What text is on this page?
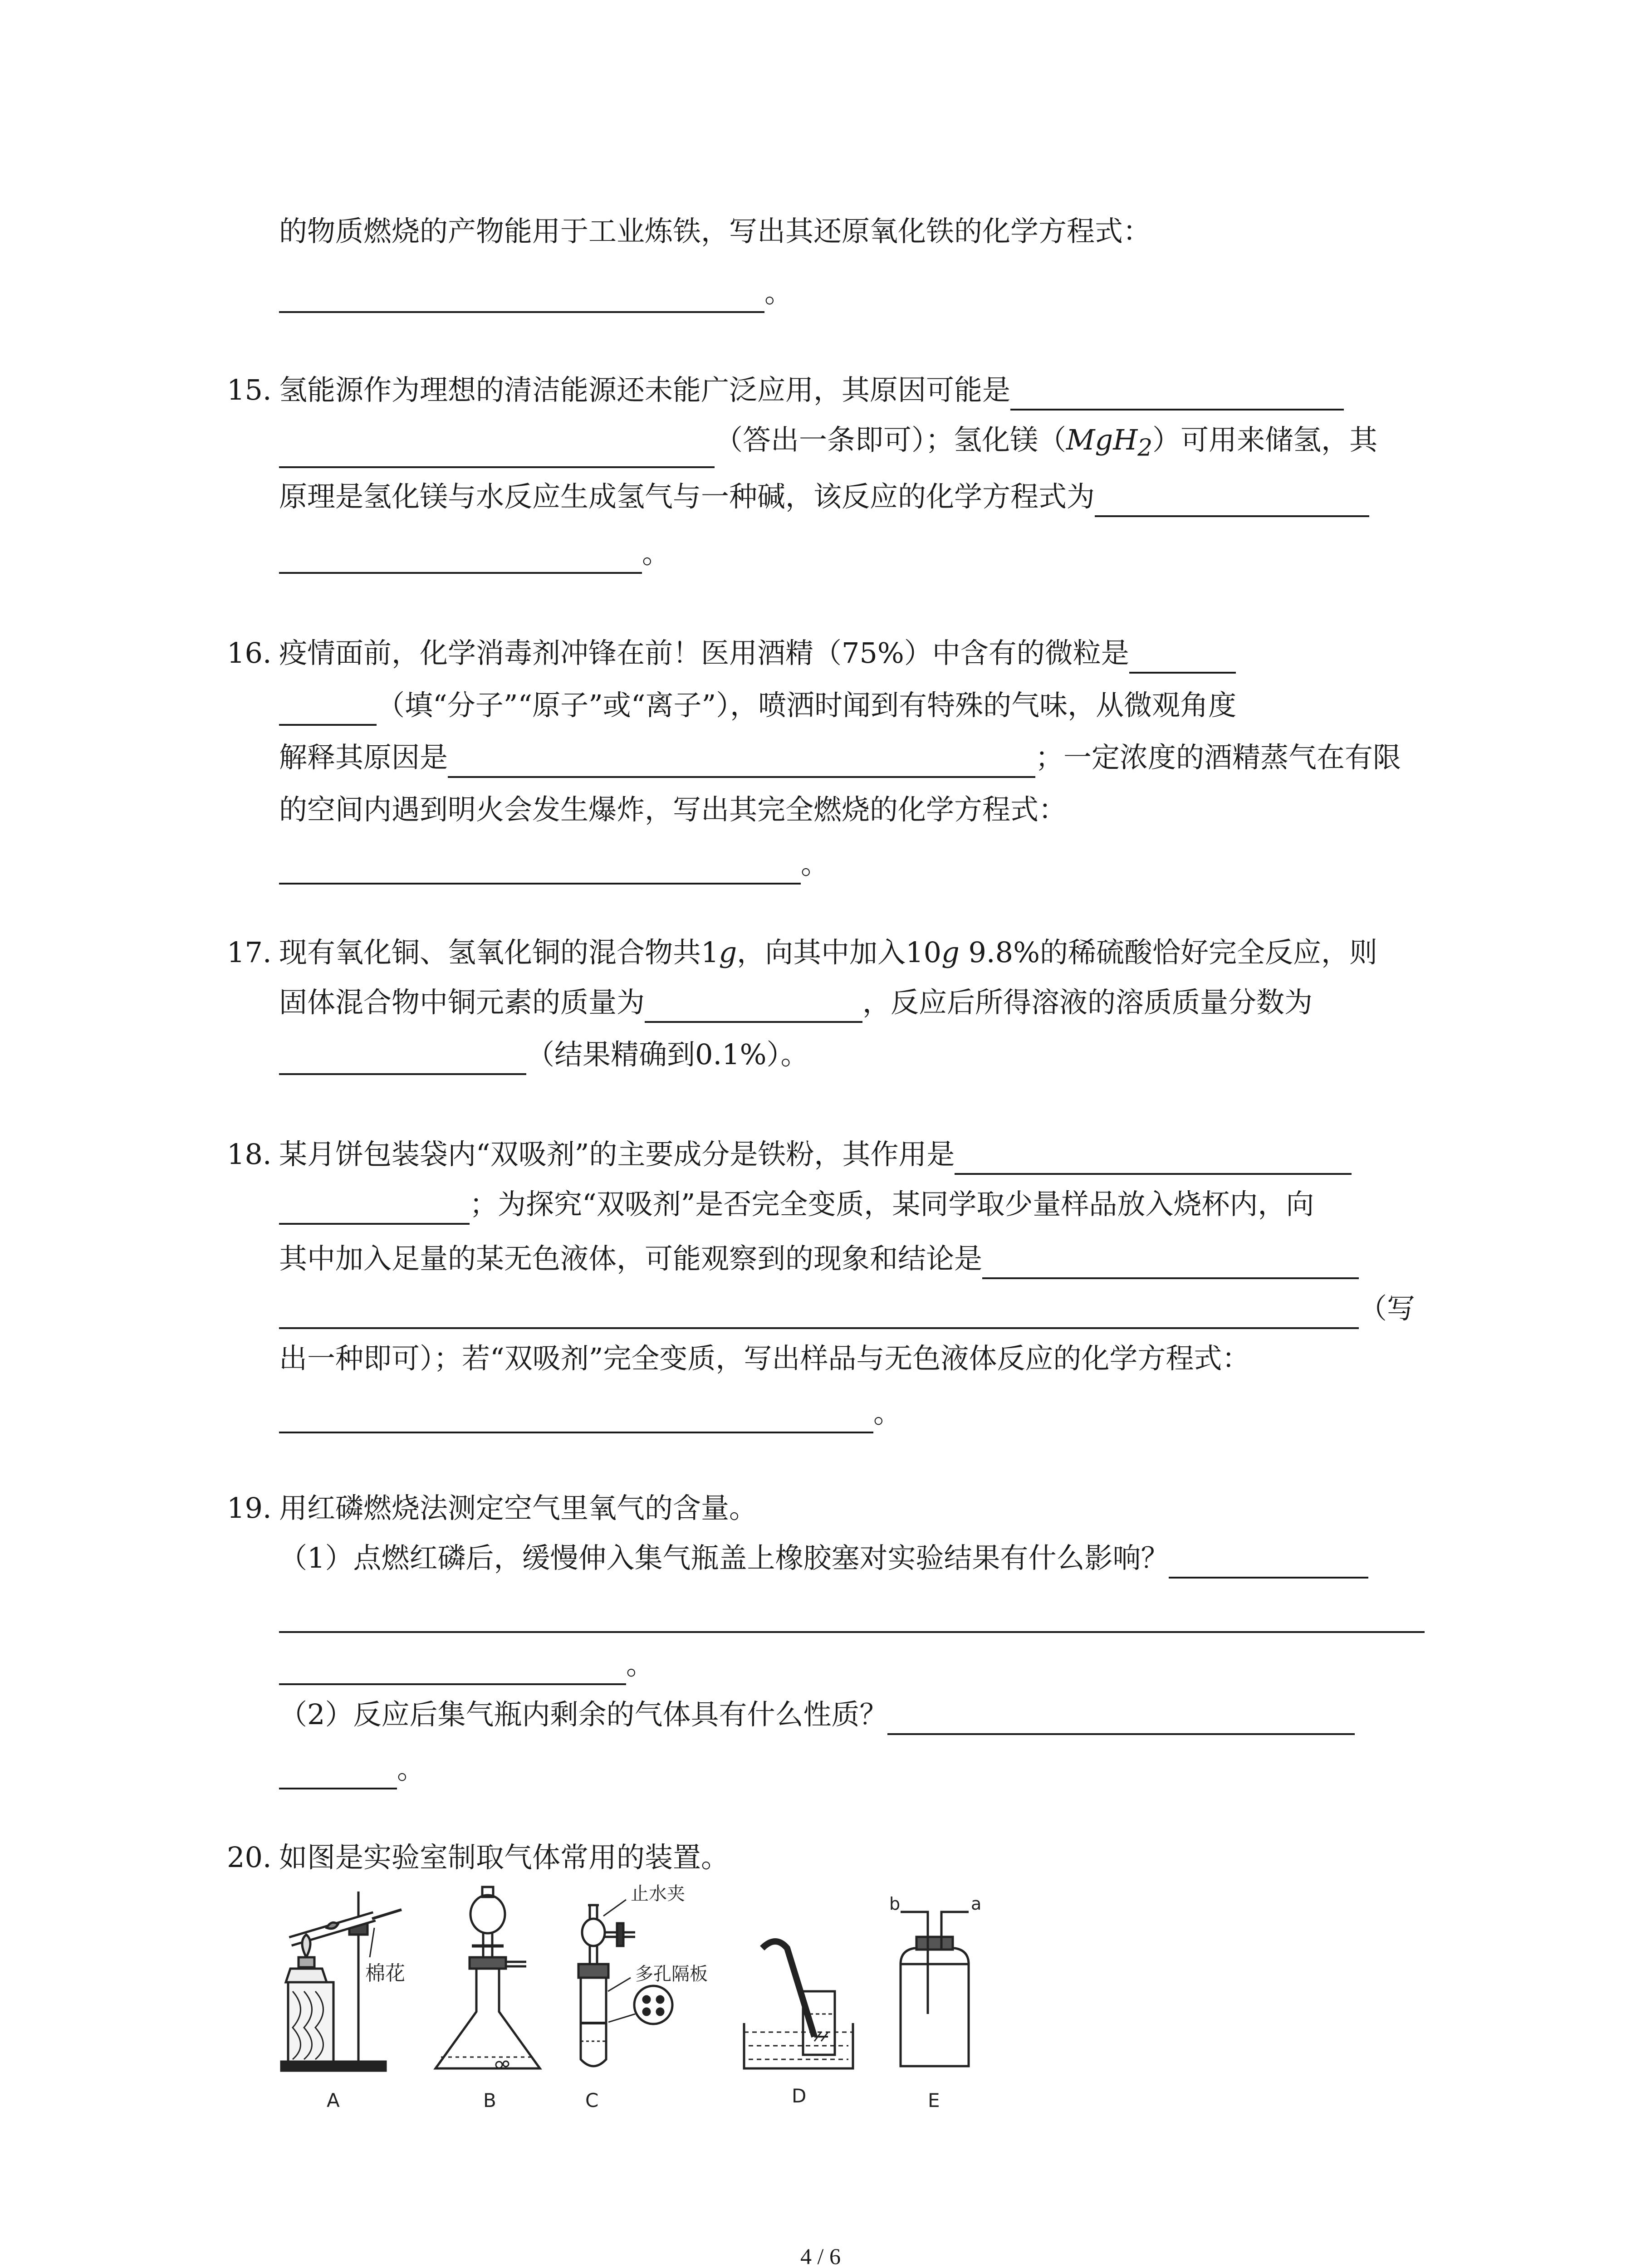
的物质燃烧的产物能用于工业炼铁，写出其还原氧化铁的化学方程式：
。
15. 氢能源作为理想的清洁能源还未能广泛应用，其原因可能是
（答出一条即可）；氢化镁（MgH$_2$）可用来储氢，其
原理是氢化镁与水反应生成氢气与一种碱，该反应的化学方程式为
。
16. 疫情面前，化学消毒剂冲锋在前！医用酒精（75%）中含有的微粒是
（填“分子”“原子”或“离子”），喷洒时闻到有特殊的气味，从微观角度
解释其原因是	；一定浓度的酒精蒸气在有限
的空间内遇到明火会发生爆炸，写出其完全燃烧的化学方程式：
。
17. 现有氧化铜、氢氧化铜的混合物共1g，向其中加入10g 9.8%的稀硫酸恰好完全反应，则
固体混合物中铜元素的质量为	，反应后所得溶液的溶质质量分数为
（结果精确到0.1%）。
18. 某月饼包装袋内“双吸剂”的主要成分是铁粉，其作用是
；为探究“双吸剂”是否完全变质，某同学取少量样品放入烧杯内，向
其中加入足量的某无色液体，可能观察到的现象和结论是
（写
出一种即可）；若“双吸剂”完全变质，写出样品与无色液体反应的化学方程式：
。
19. 用红磷燃烧法测定空气里氧气的含量。
（1）点燃红磷后，缓慢伸入集气瓶盖上橡胶塞对实验结果有什么影响？
。
（2）反应后集气瓶内剩余的气体具有什么性质？
。
20. 如图是实验室制取气体常用的装置。
棉花
止水夹
多孔隔板
b	a
A	B	C	D	E
4 / 6
